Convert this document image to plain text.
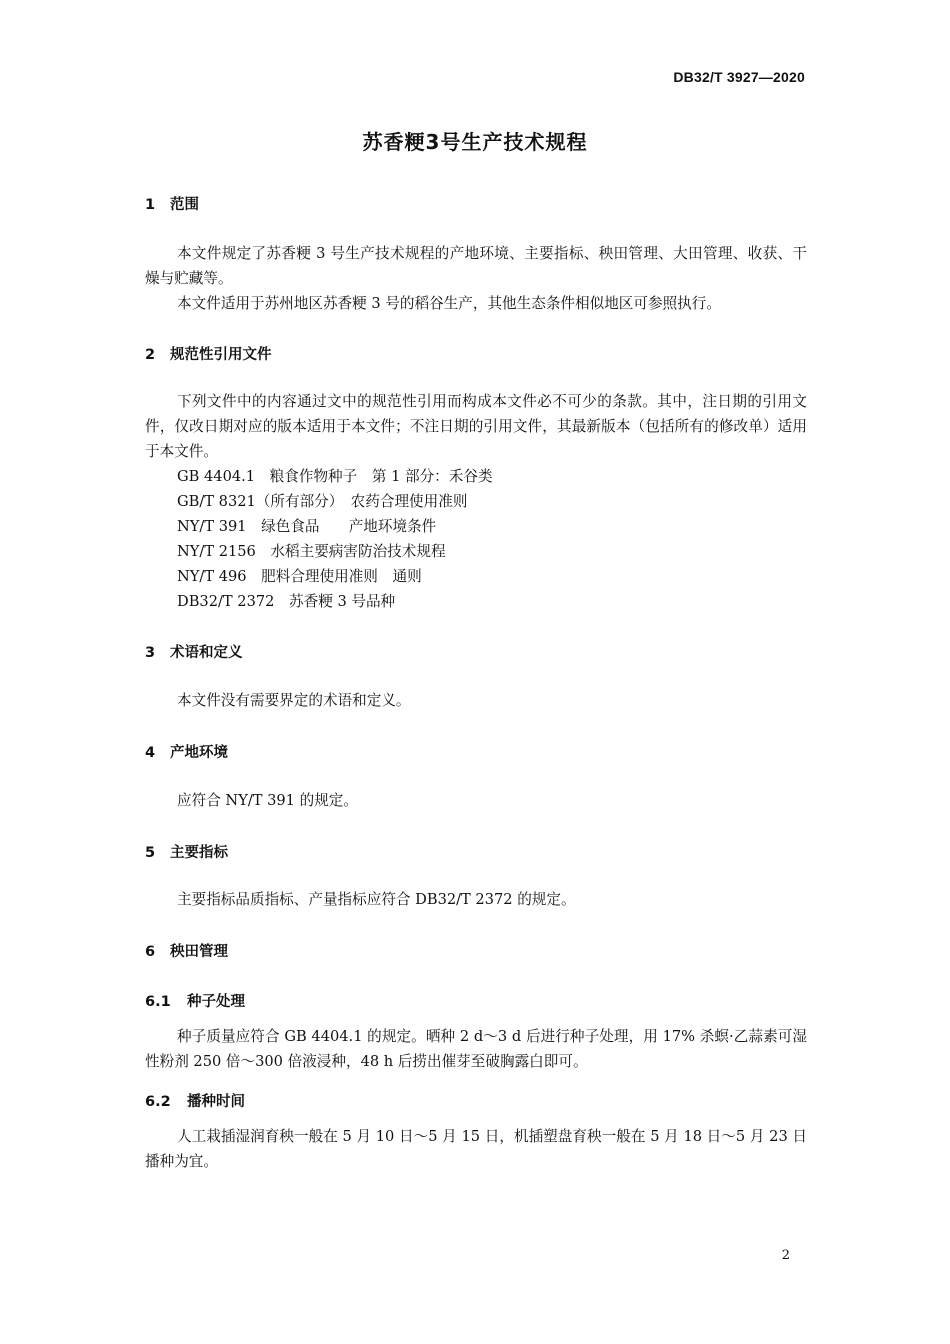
DB32/T 3927—2020
苏香粳3号生产技术规程
1 范围
本文件规定了苏香粳 3 号生产技术规程的产地环境、主要指标、秧田管理、大田管理、收获、干燥与贮藏等。
本文件适用于苏州地区苏香粳 3 号的稻谷生产，其他生态条件相似地区可参照执行。
2 规范性引用文件
下列文件中的内容通过文中的规范性引用而构成本文件必不可少的条款。其中，注日期的引用文件，仅改日期对应的版本适用于本文件；不注日期的引用文件，其最新版本（包括所有的修改单）适用于本文件。
GB 4404.1　粮食作物种子　第 1 部分：禾谷类
GB/T 8321（所有部分）　农药合理使用准则
NY/T 391　绿色食品　　产地环境条件
NY/T 2156　水稻主要病害防治技术规程
NY/T 496　肥料合理使用准则　通则
DB32/T 2372　苏香粳 3 号品种
3 术语和定义
本文件没有需要界定的术语和定义。
4 产地环境
应符合 NY/T 391 的规定。
5 主要指标
主要指标品质指标、产量指标应符合 DB32/T 2372 的规定。
6 秧田管理
6.1 种子处理
种子质量应符合 GB 4404.1 的规定。晒种 2 d～3 d 后进行种子处理，用 17% 杀螟·乙蒜素可湿性粉剂 250 倍～300 倍液浸种，48 h 后捞出催芽至破胸露白即可。
6.2 播种时间
人工栽插湿润育秧一般在 5 月 10 日～5 月 15 日，机插塑盘育秧一般在 5 月 18 日～5 月 23 日播种为宜。
2
